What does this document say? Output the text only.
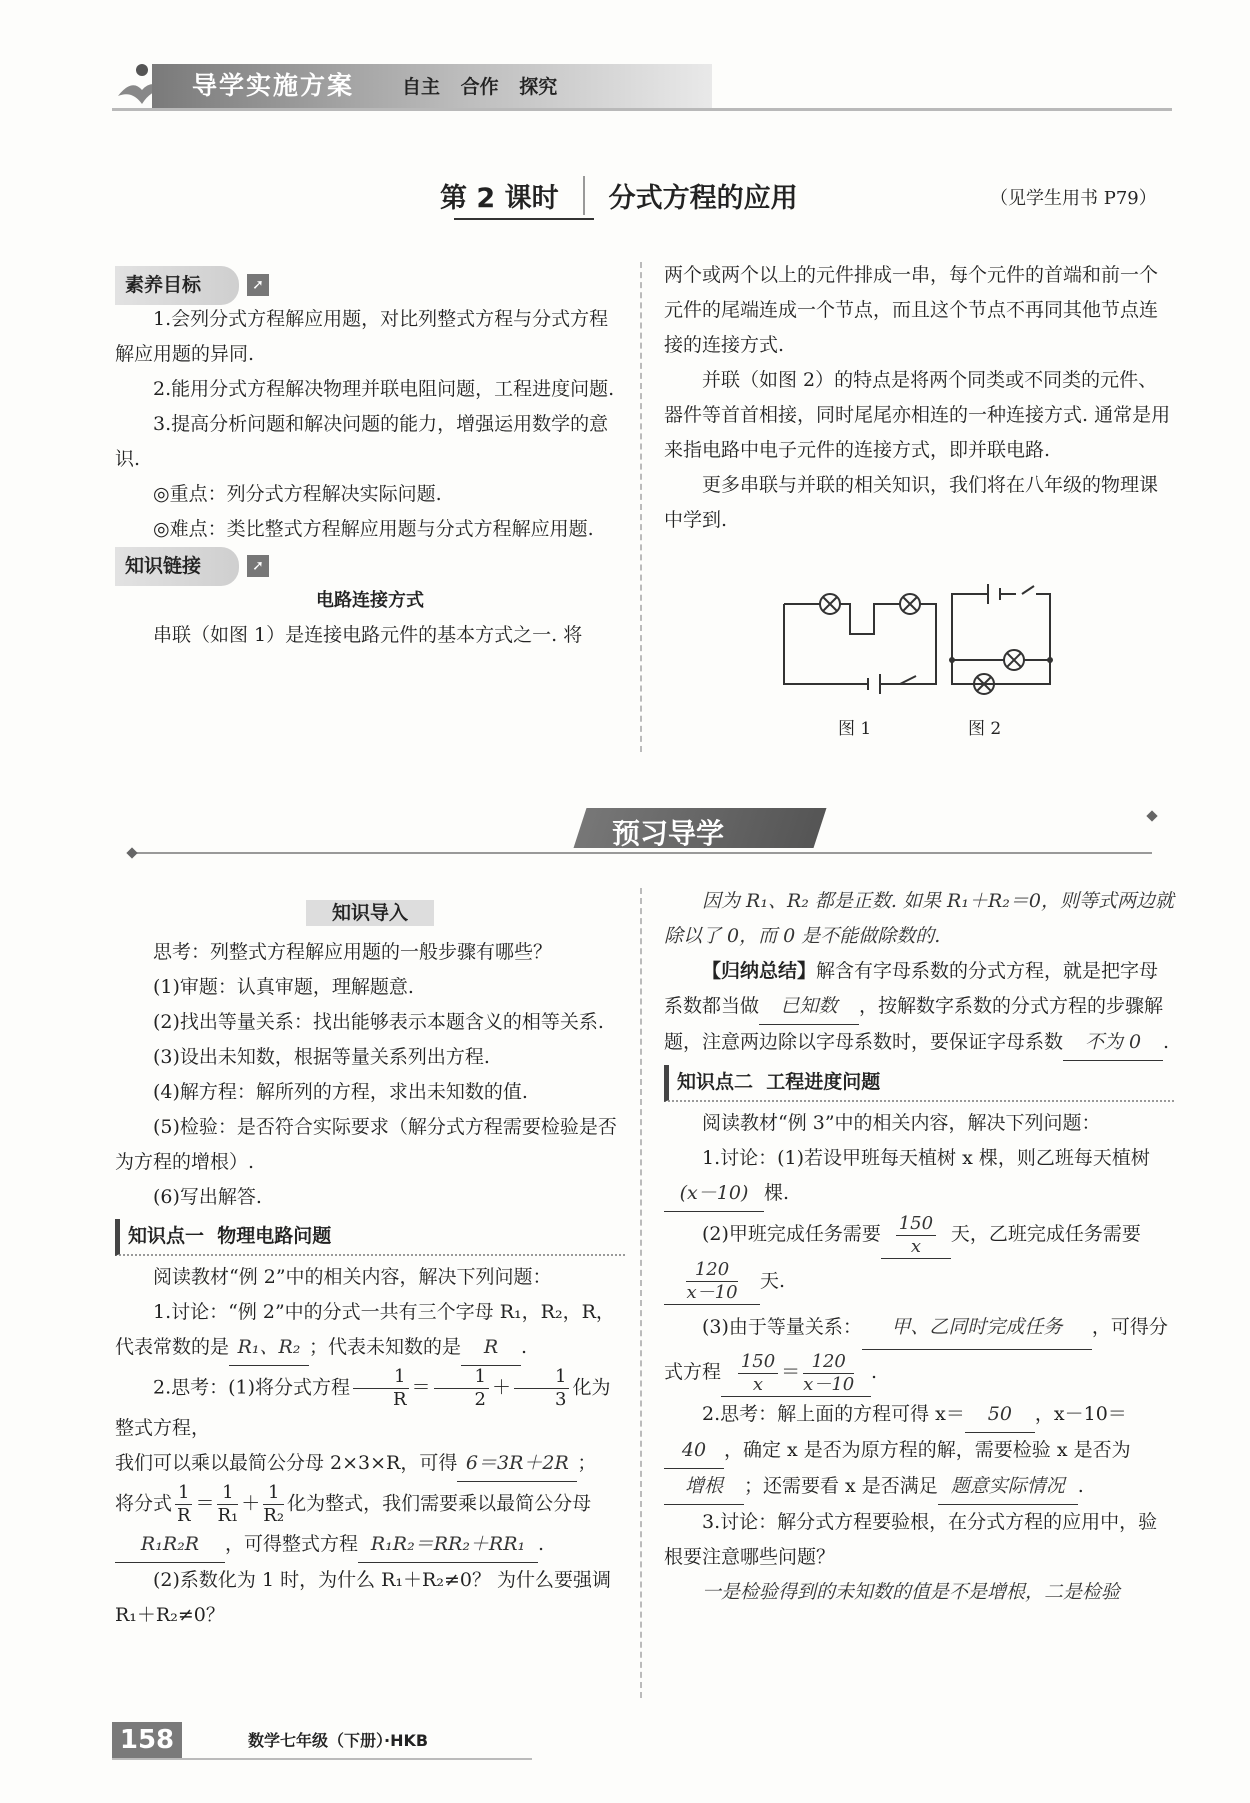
导学实施方案	自主 合作 探究
第 2 课时 分式方程的应用	（见学生用书 P79）
素养目标	➚

1.会列分式方程解应用题，对比列整式方程与分式方程解应用题的异同.

2.能用分式方程解决物理并联电阻问题，工程进度问题.

3.提高分析问题和解决问题的能力，增强运用数学的意识.

◎重点：列分式方程解决实际问题.

◎难点：类比整式方程解应用题与分式方程解应用题.

知识链接	➚

电路连接方式

串联（如图 1）是连接电路元件的基本方式之一. 将

两个或两个以上的元件排成一串，每个元件的首端和前一个元件的尾端连成一个节点，而且这个节点不再同其他节点连接的连接方式.

并联（如图 2）的特点是将两个同类或不同类的元件、器件等首首相接，同时尾尾亦相连的一种连接方式. 通常是用来指电路中电子元件的连接方式，即并联电路.

更多串联与并联的相关知识，我们将在八年级的物理课中学到.

图 1	图 2
预习导学
知识导入

思考：列整式方程解应用题的一般步骤有哪些？

(1)审题：认真审题，理解题意.

(2)找出等量关系：找出能够表示本题含义的相等关系.

(3)设出未知数，根据等量关系列出方程.

(4)解方程：解所列的方程，求出未知数的值.

(5)检验：是否符合实际要求（解分式方程需要检验是否为方程的增根）.

(6)写出解答.

知识点一 物理电路问题

阅读教材“例 2”中的相关内容，解决下列问题：

1.讨论：“例 2”中的分式一共有三个字母 R₁，R₂，R，代表常数的是 R₁、R₂ ；代表未知数的是 R .

2.思考：(1)将分式方程 $\frac{1}{R} = \frac{1}{2} + \frac{1}{3}$ 化为整式方程，

我们可以乘以最简公分母 2×3×R，可得 6＝3R＋2R ；

将分式 $\frac{1}{R} = \frac{1}{\text{R₁}} + \frac{1}{\text{R₂}}$ 化为整式，我们需要乘以最简公分母

R₁R₂R ，可得整式方程 R₁R₂＝RR₂＋RR₁ .

(2)系数化为 1 时，为什么 R₁＋R₂≠0？ 为什么要强调 R₁＋R₂≠0？

因为 R₁、R₂ 都是正数. 如果 R₁＋R₂＝0，则等式两边就除以了 0，而 0 是不能做除数的.

【归纳总结】解含有字母系数的分式方程，就是把字母系数都当做 已知数 ，按解数字系数的分式方程的步骤解题，注意两边除以字母系数时，要保证字母系数 不为 0 .

知识点二 工程进度问题

阅读教材“例 3”中的相关内容，解决下列问题：

1.讨论：(1)若设甲班每天植树 x 棵，则乙班每天植树(x－10) 棵.

(2)甲班完成任务需要 $\frac{150}{x}$ 天，乙班完成任务需要
$\frac{120}{x-10}$ 天.

(3)由于等量关系： 甲、乙同时完成任务 ，可得分式方程 $\frac{150}{x} = \frac{120}{x-10}$ .

2.思考：解上面的方程可得 x＝ 50 ，x－10＝40 ，确定 x 是否为原方程的解，需要检验 x 是否为增根 ；还需要看 x 是否满足 题意实际情况 .

3.讨论：解分式方程要验根，在分式方程的应用中，验根要注意哪些问题？

一是检验得到的未知数的值是不是增根，二是检验

158	数学七年级（下册）·HKB
